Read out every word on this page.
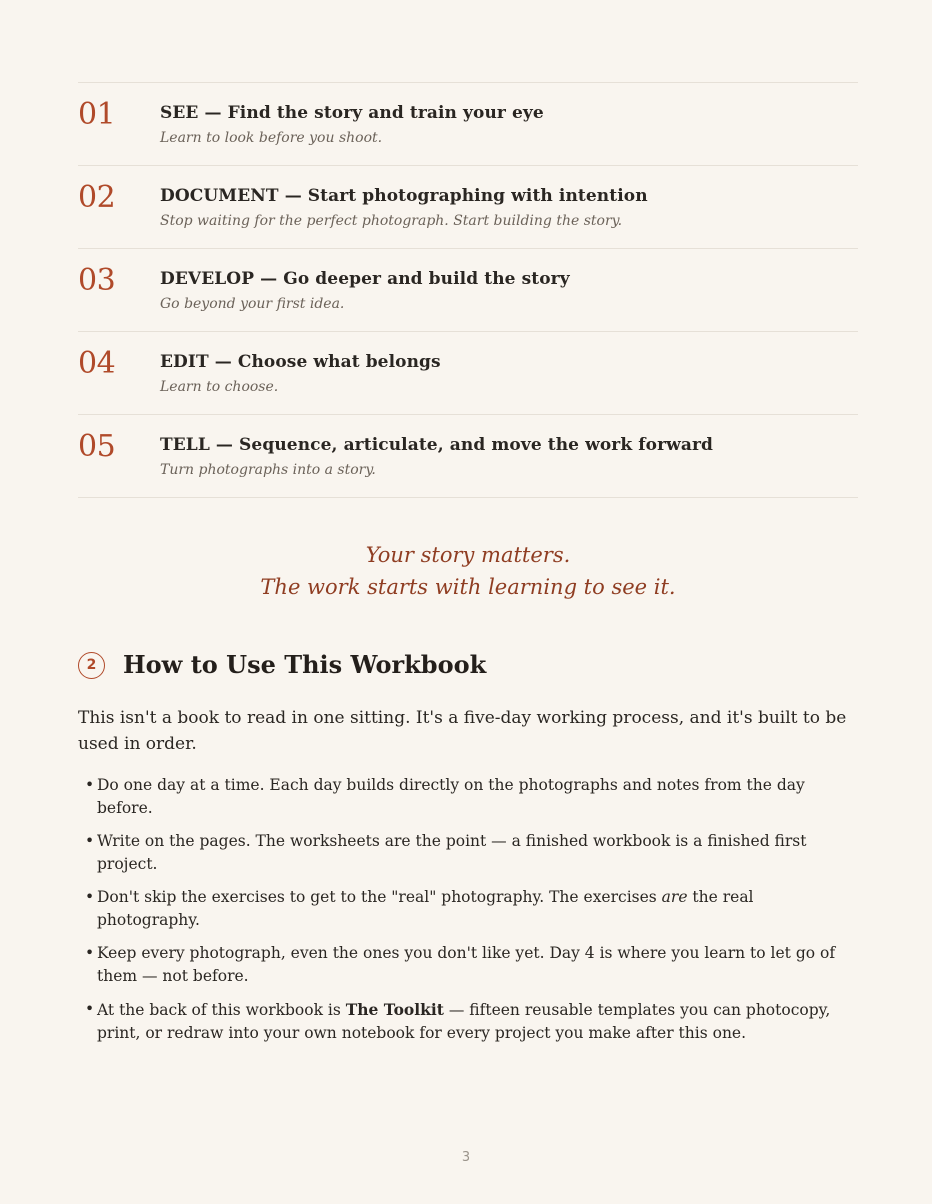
01	SEE — Find the story and train your eye
Learn to look before you shoot.
02	DOCUMENT — Start photographing with intention
Stop waiting for the perfect photograph. Start building the story.
03	DEVELOP — Go deeper and build the story
Go beyond your first idea.
04	EDIT — Choose what belongs
Learn to choose.
05	TELL — Sequence, articulate, and move the work forward
Turn photographs into a story.
Your story matters.
The work starts with learning to see it.
2	How to Use This Workbook

This isn't a book to read in one sitting. It's a five-day working process, and it's built to be used in order.

• Do one day at a time. Each day builds directly on the photographs and notes from the day before.
• Write on the pages. The worksheets are the point — a finished workbook is a finished first project.
• Don't skip the exercises to get to the "real" photography. The exercises are the real photography.
• Keep every photograph, even the ones you don't like yet. Day 4 is where you learn to let go of them — not before.
• At the back of this workbook is The Toolkit — fifteen reusable templates you can photocopy, print, or redraw into your own notebook for every project you make after this one.
3
